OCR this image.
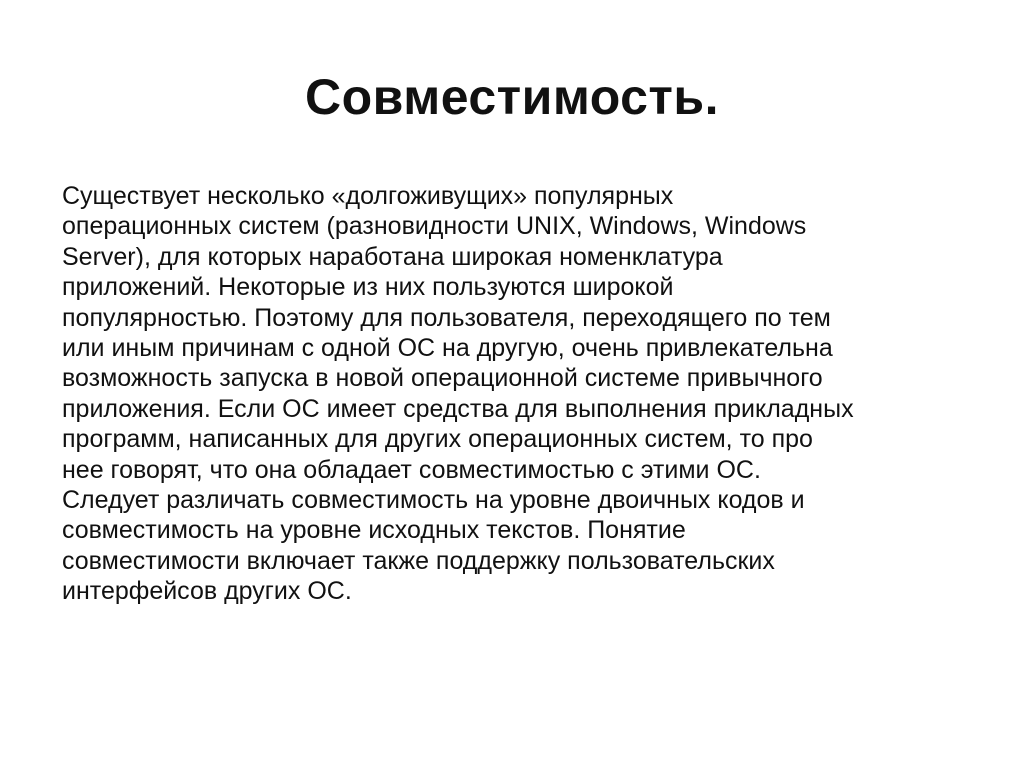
Совместимость.
Существует несколько «долгоживущих» популярных
операционных систем (разновидности UNIX, Windows, Windows
Server), для которых наработана широкая номенклатура
приложений. Некоторые из них пользуются широкой
популярностью. Поэтому для пользователя, переходящего по тем
или иным причинам с одной ОС на другую, очень привлекательна
возможность запуска в новой операционной системе привычного
приложения. Если ОС имеет средства для выполнения прикладных
программ, написанных для других операционных систем, то про
нее говорят, что она обладает совместимостью с этими ОС.
Следует различать совместимость на уровне двоичных кодов и
совместимость на уровне исходных текстов. Понятие
совместимости включает также поддержку пользовательских
интерфейсов других ОС.
